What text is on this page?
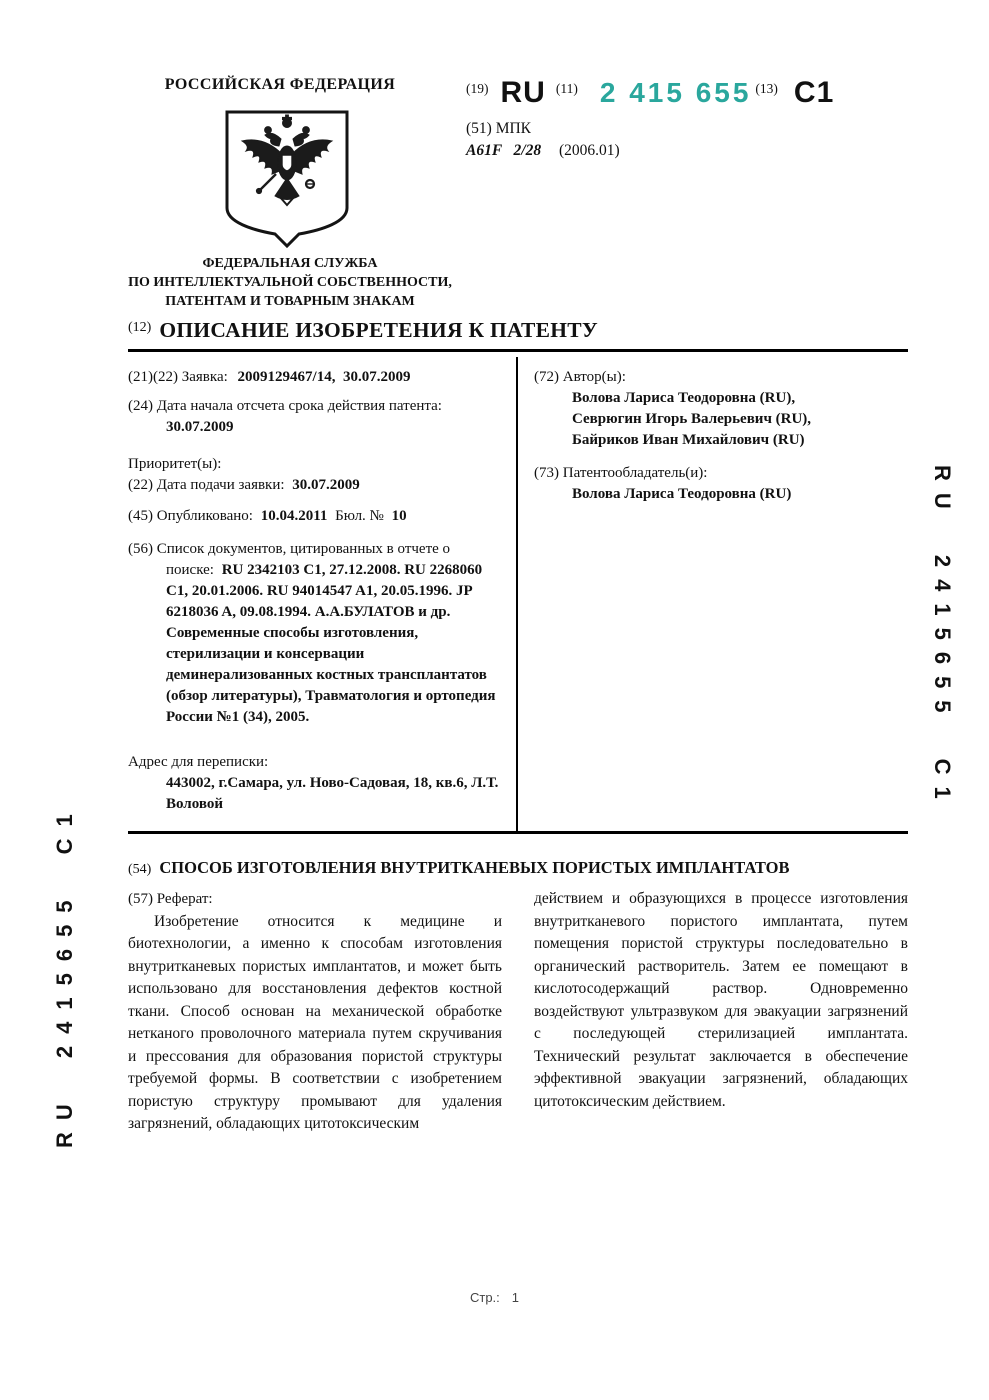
РОССИЙСКАЯ ФЕДЕРАЦИЯ	(19) RU (11) 2 415 655 (13) C1
(51) МПК
A61F   2/28 (2006.01)
ФЕДЕРАЛЬНАЯ СЛУЖБА
ПО ИНТЕЛЛЕКТУАЛЬНОЙ СОБСТВЕННОСТИ,
ПАТЕНТАМ И ТОВАРНЫМ ЗНАКАМ
(12) ОПИСАНИЕ ИЗОБРЕТЕНИЯ К ПАТЕНТУ

(21)(22) Заявка: 2009129467/14,  30.07.2009

(24) Дата начала отсчета срока действия патента:

30.07.2009

Приоритет(ы):

(22) Дата подачи заявки: 30.07.2009

(45) Опубликовано: 10.04.2011 Бюл. № 10

(56) Список документов, цитированных в отчете о поиске: RU 2342103 C1, 27.12.2008. RU 2268060 C1, 20.01.2006. RU 94014547 A1, 20.05.1996. JP 6218036 A, 09.08.1994. А.А.БУЛАТОВ и др. Современные способы изготовления, стерилизации и консервации деминерализованных костных трансплантатов (обзор литературы), Травматология и ортопедия России №1 (34), 2005.

Адрес для переписки:

443002, г.Самара, ул. Ново-Садовая, 18, кв.6, Л.Т. Воловой

(72) Автор(ы):

Волова Лариса Теодоровна (RU),

Севрюгин Игорь Валерьевич (RU),

Байриков Иван Михайлович (RU)

(73) Патентообладатель(и):

Волова Лариса Теодоровна (RU)

(54) СПОСОБ ИЗГОТОВЛЕНИЯ ВНУТРИТКАНЕВЫХ ПОРИСТЫХ ИМПЛАНТАТОВ
(57) Реферат:

Изобретение относится к медицине и биотехнологии, а именно к способам изготовления внутритканевых пористых имплантатов, и может быть использовано для восстановления дефектов костной ткани. Способ основан на механической обработке нетканого проволочного материала путем скручивания и прессования для образования пористой структуры требуемой формы. В соответствии с изобретением пористую структуру промывают для удаления загрязнений, обладающих цитотоксическим

действием и образующихся в процессе изготовления внутритканевого пористого имплантата, путем помещения пористой структуры последовательно в органический растворитель. Затем ее помещают в кислотосодержащий раствор. Одновременно воздействуют ультразвуком для эвакуации загрязнений с последующей стерилизацией имплантата. Технический результат заключается в обеспечение эффективной эвакуации загрязнений, обладающих цитотоксическим действием.

RU 2415655 C1
RU 2415655 C1
Стр.: 1
